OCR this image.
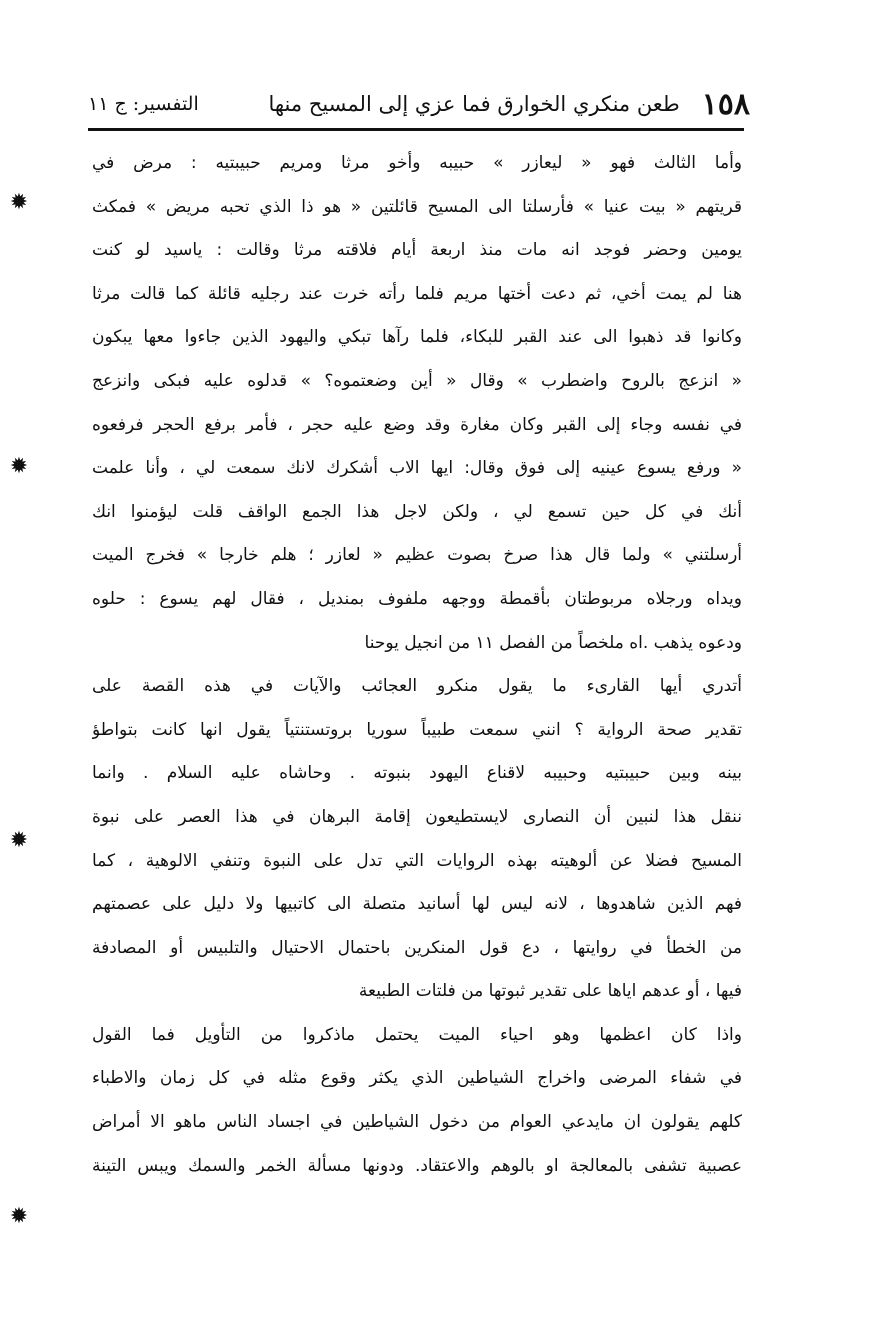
١٥٨
طعن منكري الخوارق فما عزي إلى المسيح منها
التفسير: ج ١١
وأما الثالث فهو « ليعازر » حبيبه وأخو مرثا ومريم حبيبتيه : مرض في
قريتهم « بيت عنيا » فأرسلتا الى المسيح قائلتين « هو ذا الذي تحبه مريض » فمكث
يومين وحضر فوجد انه مات منذ اربعة أيام فلاقته مرثا وقالت : ياسيد لو كنت
هنا لم يمت أخي، ثم دعت أختها مريم فلما رأته خرت عند رجليه قائلة كما قالت مرثا
وكانوا قد ذهبوا الى عند القبر للبكاء، فلما رآها تبكي واليهود الذين جاءوا معها يبكون
« انزعج بالروح واضطرب » وقال « أين وضعتموه؟ » قدلوه عليه فبكى وانزعج
في نفسه وجاء إلى القبر وكان مغارة وقد وضع عليه حجر ، فأمر برفع الحجر فرفعوه
« ورفع يسوع عينيه إلى فوق وقال: ايها الاب أشكرك لانك سمعت لي ، وأنا علمت
أنك في كل حين تسمع لي ، ولكن لاجل هذا الجمع الواقف قلت ليؤمنوا انك
أرسلتني » ولما قال هذا صرخ بصوت عظيم « لعازر ؛ هلم خارجا » فخرج الميت
ويداه ورجلاه مربوطتان بأقمطة ووجهه ملفوف بمنديل ، فقال لهم يسوع : حلوه
ودعوه يذهب .اه ملخصاً من الفصل ١١ من انجيل يوحنا
أتدري أيها القارىء ما يقول منكرو العجائب والآيات في هذه القصة على
تقدير صحة الرواية ؟ انني سمعت طبيباً سوريا بروتستنتياً يقول انها كانت بتواطؤ
بينه وبين حبيبتيه وحبيبه لاقناع اليهود بنبوته . وحاشاه عليه السلام . وانما
ننقل هذا لنبين أن النصارى لايستطيعون إقامة البرهان في هذا العصر على نبوة
المسيح فضلا عن ألوهيته بهذه الروايات التي تدل على النبوة وتنفي الالوهية ، كما
فهم الذين شاهدوها ، لانه ليس لها أسانيد متصلة الى كاتبيها ولا دليل على عصمتهم
من الخطأ في روايتها ، دع قول المنكرين باحتمال الاحتيال والتلبيس أو المصادفة
فيها ، أو عدهم اياها على تقدير ثبوتها من فلتات الطبيعة
واذا كان اعظمها وهو احياء الميت يحتمل ماذكروا من التأويل فما القول
في شفاء المرضى واخراج الشياطين الذي يكثر وقوع مثله في كل زمان والاطباء
كلهم يقولون ان مايدعي العوام من دخول الشياطين في اجساد الناس ماهو الا أمراض
عصبية تشفى بالمعالجة او بالوهم والاعتقاد. ودونها مسألة الخمر والسمك ويبس التينة
✹
✹
✹
✹
